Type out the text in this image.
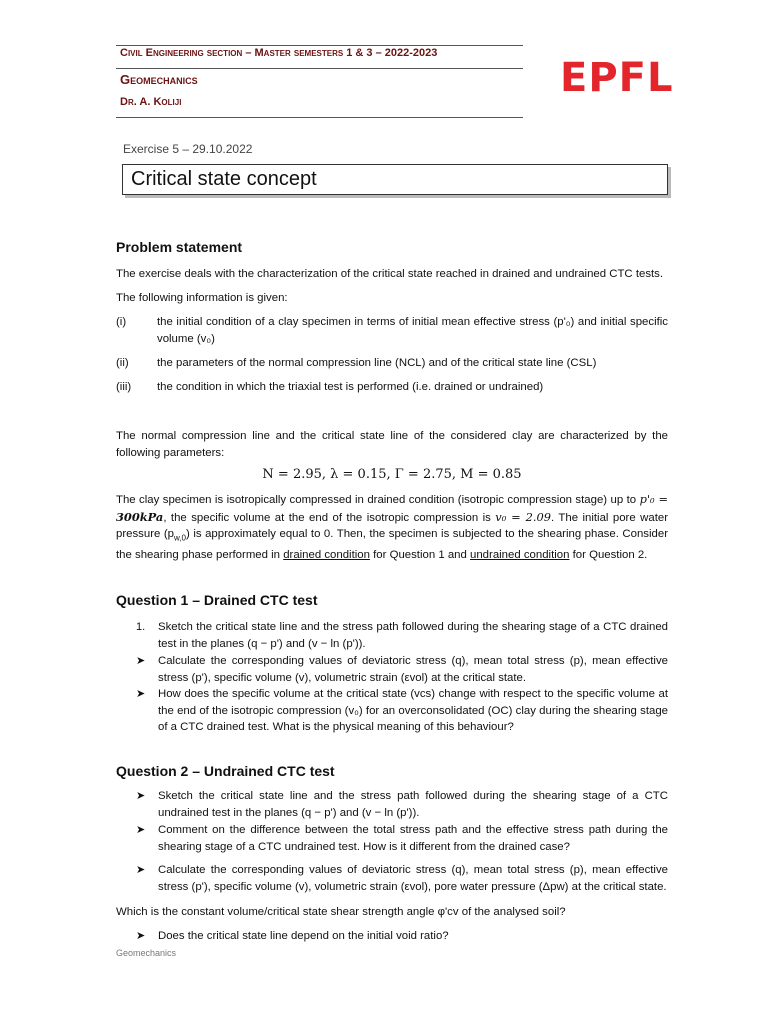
Civil Engineering section – Master semesters 1 & 3 – 2022-2023
Geomechanics
Dr. A. Koliji
EPFL
Exercise 5 – 29.10.2022
Critical state concept
Problem statement
The exercise deals with the characterization of the critical state reached in drained and undrained CTC tests.
The following information is given:
(i)	the initial condition of a clay specimen in terms of initial mean effective stress (p'₀) and initial specific volume (v₀)
(ii) the parameters of the normal compression line (NCL) and of the critical state line (CSL)
(iii) the condition in which the triaxial test is performed (i.e. drained or undrained)
The normal compression line and the critical state line of the considered clay are characterized by the following parameters:
N = 2.95, λ = 0.15, Γ = 2.75, M = 0.85
The clay specimen is isotropically compressed in drained condition (isotropic compression stage) up to p'₀ = 300kPa, the specific volume at the end of the isotropic compression is v₀ = 2.09. The initial pore water pressure $(p_{w,0})$ is approximately equal to 0. Then, the specimen is subjected to the shearing phase. Consider the shearing phase performed in drained condition for Question 1 and undrained condition for Question 2.
Question 1 – Drained CTC test
1. Sketch the critical state line and the stress path followed during the shearing stage of a CTC drained test in the planes (q − p') and (v − ln (p')).
➤ Calculate the corresponding values of deviatoric stress (q), mean total stress (p), mean effective stress (p'), specific volume (v), volumetric strain (εvol) at the critical state.
➤ How does the specific volume at the critical state (vcs) change with respect to the specific volume at the end of the isotropic compression (v₀) for an overconsolidated (OC) clay during the shearing stage of a CTC drained test. What is the physical meaning of this behaviour?
Question 2 – Undrained CTC test
➤ Sketch the critical state line and the stress path followed during the shearing stage of a CTC undrained test in the planes (q − p') and (v − ln (p')).
➤ Comment on the difference between the total stress path and the effective stress path during the shearing stage of a CTC undrained test. How is it different from the drained case?
➤ Calculate the corresponding values of deviatoric stress (q), mean total stress (p), mean effective stress (p'), specific volume (v), volumetric strain (εvol), pore water pressure (Δpw) at the critical state.
Which is the constant volume/critical state shear strength angle φ'cv of the analysed soil?
➤ Does the critical state line depend on the initial void ratio?
Geomechanics
